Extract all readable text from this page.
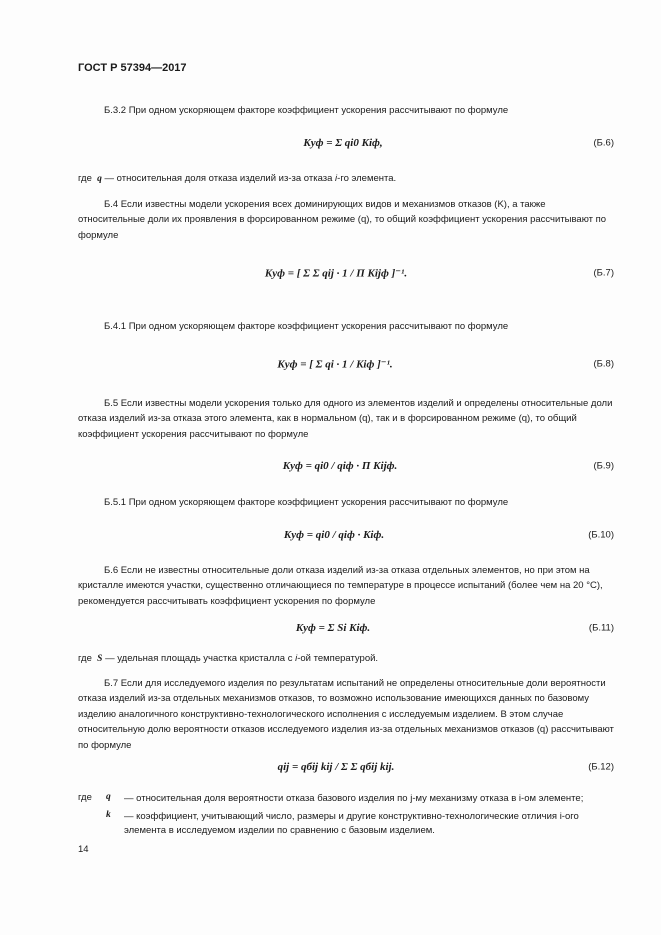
ГОСТ Р 57394—2017
Б.3.2 При одном ускоряющем факторе коэффициент ускорения рассчитывают по формуле
Kуф = Σ qi0 Kiф,	(Б.6)
где q — относительная доля отказа изделий из-за отказа i-го элемента.
Б.4 Если известны модели ускорения всех доминирующих видов и механизмов отказов (K), а также относительные доли их проявления в форсированном режиме (q), то общий коэффициент ускорения рассчитывают по формуле
Kуф = [ Σ Σ qij · 1 / Π Kijф ]⁻¹.	(Б.7)
Б.4.1 При одном ускоряющем факторе коэффициент ускорения рассчитывают по формуле
Kуф = [ Σ qi · 1 / Kiф ]⁻¹.	(Б.8)
Б.5 Если известны модели ускорения только для одного из элементов изделий и определены относительные доли отказа изделий из-за отказа этого элемента, как в нормальном (q), так и в форсированном режиме (q), то общий коэффициент ускорения рассчитывают по формуле
Kуф = qi0 / qiф · Π Kijф.	(Б.9)
Б.5.1 При одном ускоряющем факторе коэффициент ускорения рассчитывают по формуле
Kуф = qi0 / qiф · Kiф.	(Б.10)
Б.6 Если не известны относительные доли отказа изделий из-за отказа отдельных элементов, но при этом на кристалле имеются участки, существенно отличающиеся по температуре в процессе испытаний (более чем на 20 °С), рекомендуется рассчитывать коэффициент ускорения по формуле
Kуф = Σ Si Kiф.	(Б.11)
где S — удельная площадь участка кристалла с i-ой температурой.
Б.7 Если для исследуемого изделия по результатам испытаний не определены относительные доли вероятности отказа изделий из-за отдельных механизмов отказов, то возможно использование имеющихся данных по базовому изделию аналогичного конструктивно-технологического исполнения с исследуемым изделием. В этом случае относительную долю вероятности отказов исследуемого изделия из-за отдельных механизмов отказов (q) рассчитывают по формуле
qij = qбij kij / Σ Σ qбij kij.	(Б.12)
где q — относительная доля вероятности отказа базового изделия по j-му механизму отказа в i-ом элементе;
k — коэффициент, учитывающий число, размеры и другие конструктивно-технологические отличия i-ого элемента в исследуемом изделии по сравнению с базовым изделием.
14
